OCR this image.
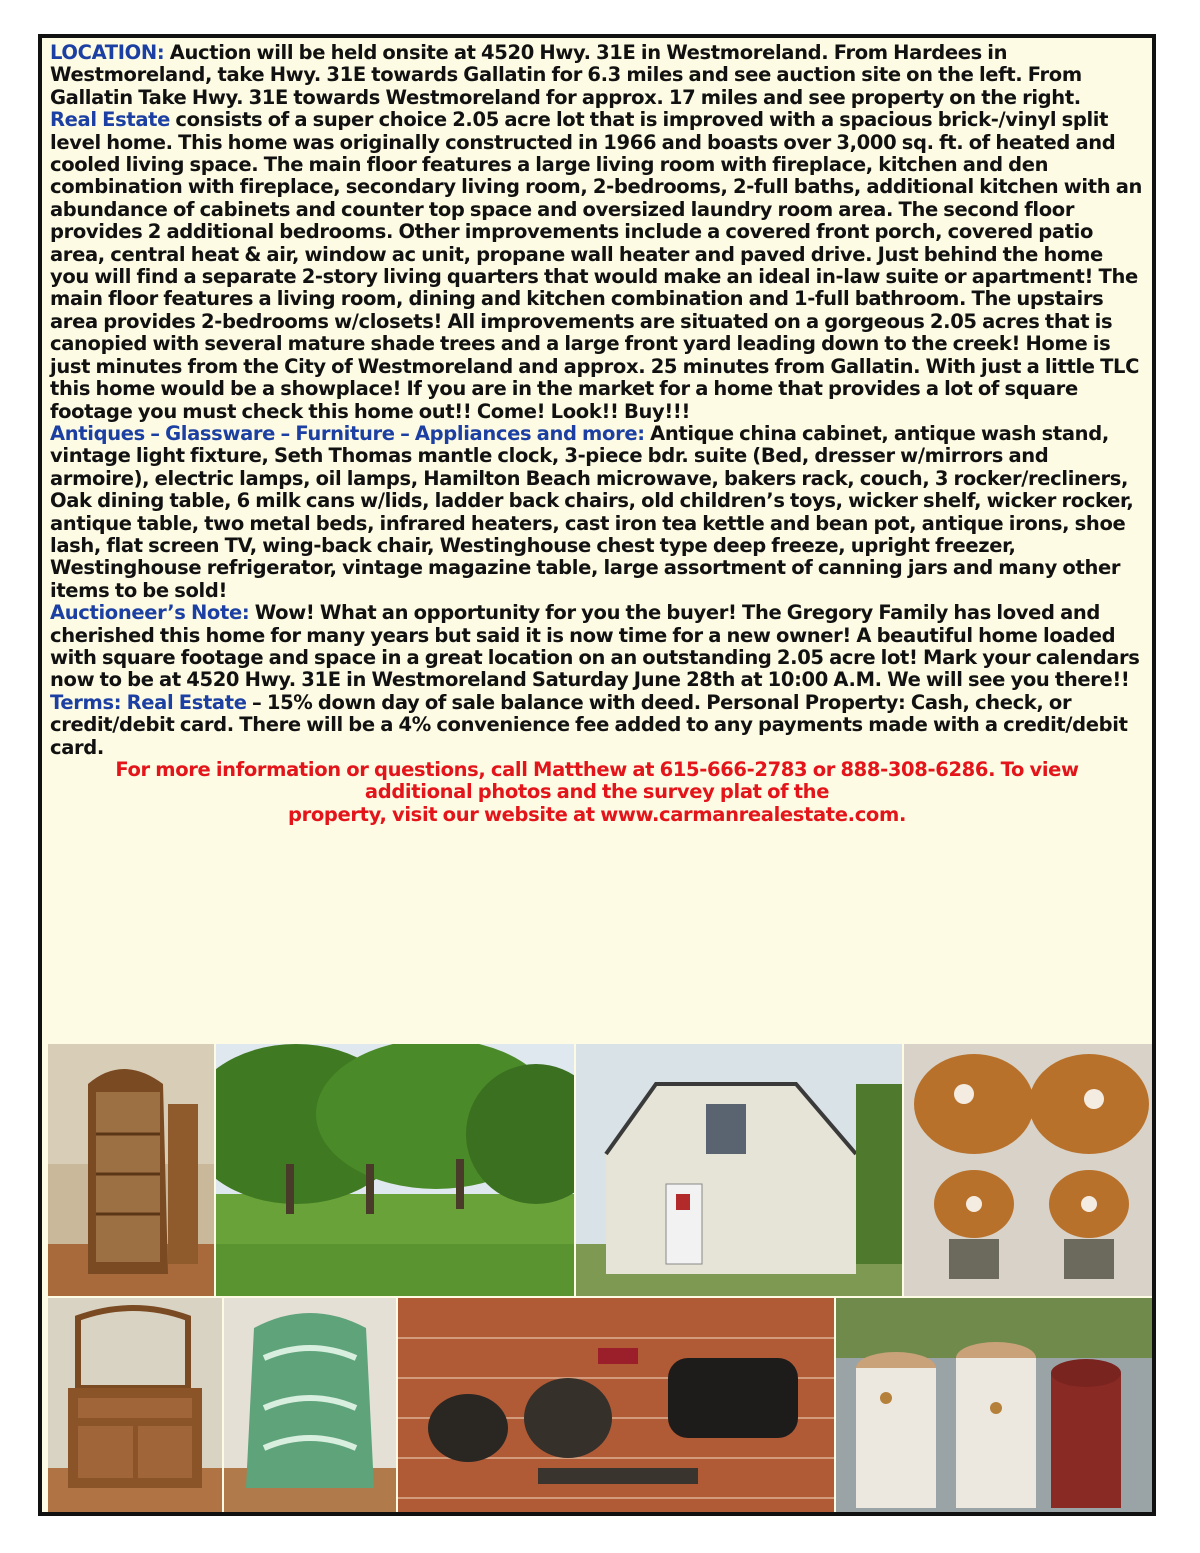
LOCATION: Auction will be held onsite at 4520 Hwy. 31E in Westmoreland. From Hardees in Westmoreland, take Hwy. 31E towards Gallatin for 6.3 miles and see auction site on the left. From Gallatin Take Hwy. 31E towards Westmoreland for approx. 17 miles and see property on the right.

Real Estate consists of a super choice 2.05 acre lot that is improved with a spacious brick-/vinyl split level home. This home was originally constructed in 1966 and boasts over 3,000 sq. ft. of heated and cooled living space. The main floor features a large living room with fireplace, kitchen and den combination with fireplace, secondary living room, 2-bedrooms, 2-full baths, additional kitchen with an abundance of cabinets and counter top space and oversized laundry room area. The second floor provides 2 additional bedrooms. Other improvements include a covered front porch, covered patio area, central heat & air, window ac unit, propane wall heater and paved drive. Just behind the home you will find a separate 2-story living quarters that would make an ideal in-law suite or apartment! The main floor features a living room, dining and kitchen combination and 1-full bathroom. The upstairs area provides 2-bedrooms w/closets! All improvements are situated on a gorgeous 2.05 acres that is canopied with several mature shade trees and a large front yard leading down to the creek! Home is just minutes from the City of Westmoreland and approx. 25 minutes from Gallatin. With just a little TLC this home would be a showplace! If you are in the market for a home that provides a lot of square footage you must check this home out!! Come! Look!! Buy!!!

Antiques – Glassware – Furniture – Appliances and more: Antique china cabinet, antique wash stand, vintage light fixture, Seth Thomas mantle clock, 3-piece bdr. suite (Bed, dresser w/mirrors and armoire), electric lamps, oil lamps, Hamilton Beach microwave, bakers rack, couch, 3 rocker/recliners, Oak dining table, 6 milk cans w/lids, ladder back chairs, old children’s toys, wicker shelf, wicker rocker, antique table, two metal beds, infrared heaters, cast iron tea kettle and bean pot, antique irons, shoe lash, flat screen TV, wing-back chair, Westinghouse chest type deep freeze, upright freezer, Westinghouse refrigerator, vintage magazine table, large assortment of canning jars and many other items to be sold!

Auctioneer’s Note: Wow! What an opportunity for you the buyer! The Gregory Family has loved and cherished this home for many years but said it is now time for a new owner! A beautiful home loaded with square footage and space in a great location on an outstanding 2.05 acre lot! Mark your calendars now to be at 4520 Hwy. 31E in Westmoreland Saturday June 28th at 10:00 A.M. We will see you there!!

Terms: Real Estate – 15% down day of sale balance with deed. Personal Property: Cash, check, or credit/debit card. There will be a 4% convenience fee added to any payments made with a credit/debit card.

For more information or questions, call Matthew at 615-666-2783 or 888-308-6286. To view
additional photos and the survey plat of the
property, visit our website at www.carmanrealestate.com.
